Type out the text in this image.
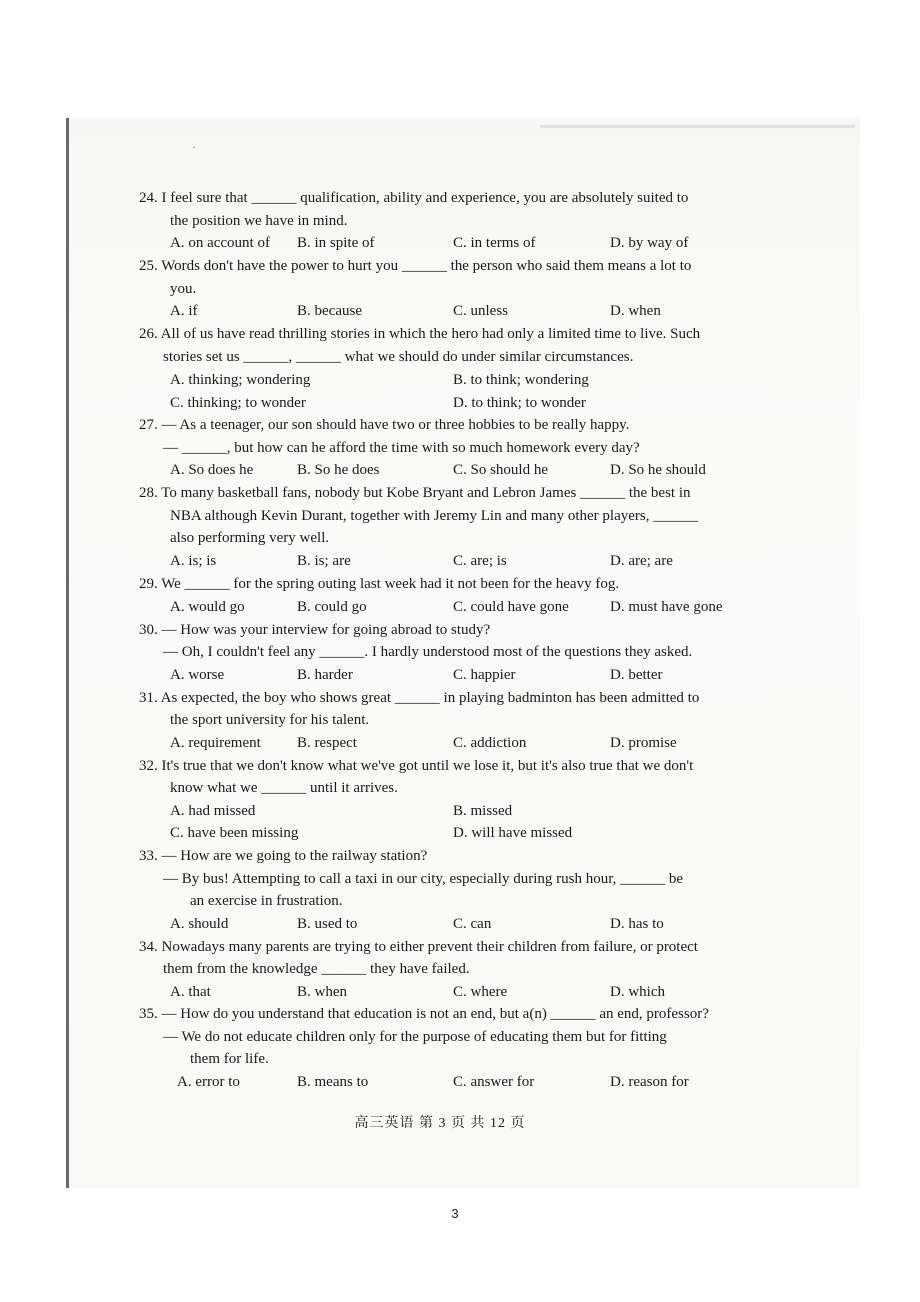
·
24. I feel sure that ______ qualification, ability and experience, you are absolutely suited to
the position we have in mind.
A. on account of B. in spite of	C. in terms of	D. by way of
25. Words don't have the power to hurt you ______ the person who said them means a lot to
you.
A. if	B. because	C. unless	D. when
26. All of us have read thrilling stories in which the hero had only a limited time to live. Such
stories set us ______, ______ what we should do under similar circumstances.
A. thinking; wondering	B. to think; wondering
C. thinking; to wonder	D. to think; to wonder
27. — As a teenager, our son should have two or three hobbies to be really happy.
— ______, but how can he afford the time with so much homework every day?
A. So does he	B. So he does	C. So should he	D. So he should
28. To many basketball fans, nobody but Kobe Bryant and Lebron James ______ the best in
NBA although Kevin Durant, together with Jeremy Lin and many other players, ______
also performing very well.
A. is; is	B. is; are	C. are; is	D. are; are
29. We ______ for the spring outing last week had it not been for the heavy fog.
A. would go	B. could go	C. could have gone	D. must have gone
30. — How was your interview for going abroad to study?
— Oh, I couldn't feel any ______. I hardly understood most of the questions they asked.
A. worse	B. harder	C. happier	D. better
31. As expected, the boy who shows great ______ in playing badminton has been admitted to
the sport university for his talent.
A. requirement B. respect	C. addiction	D. promise
32. It's true that we don't know what we've got until we lose it, but it's also true that we don't
know what we ______ until it arrives.
A. had missed	B. missed
C. have been missing	D. will have missed
33. — How are we going to the railway station?
— By bus! Attempting to call a taxi in our city, especially during rush hour, ______ be
an exercise in frustration.
A. should	B. used to	C. can	D. has to
34. Nowadays many parents are trying to either prevent their children from failure, or protect
them from the knowledge ______ they have failed.
A. that	B. when	C. where	D. which
35. — How do you understand that education is not an end, but a(n) ______ an end, professor?
— We do not educate children only for the purpose of educating them but for fitting
them for life.
A. error to	B. means to	C. answer for	D. reason for
高三英语 第 3 页 共 12 页
3
